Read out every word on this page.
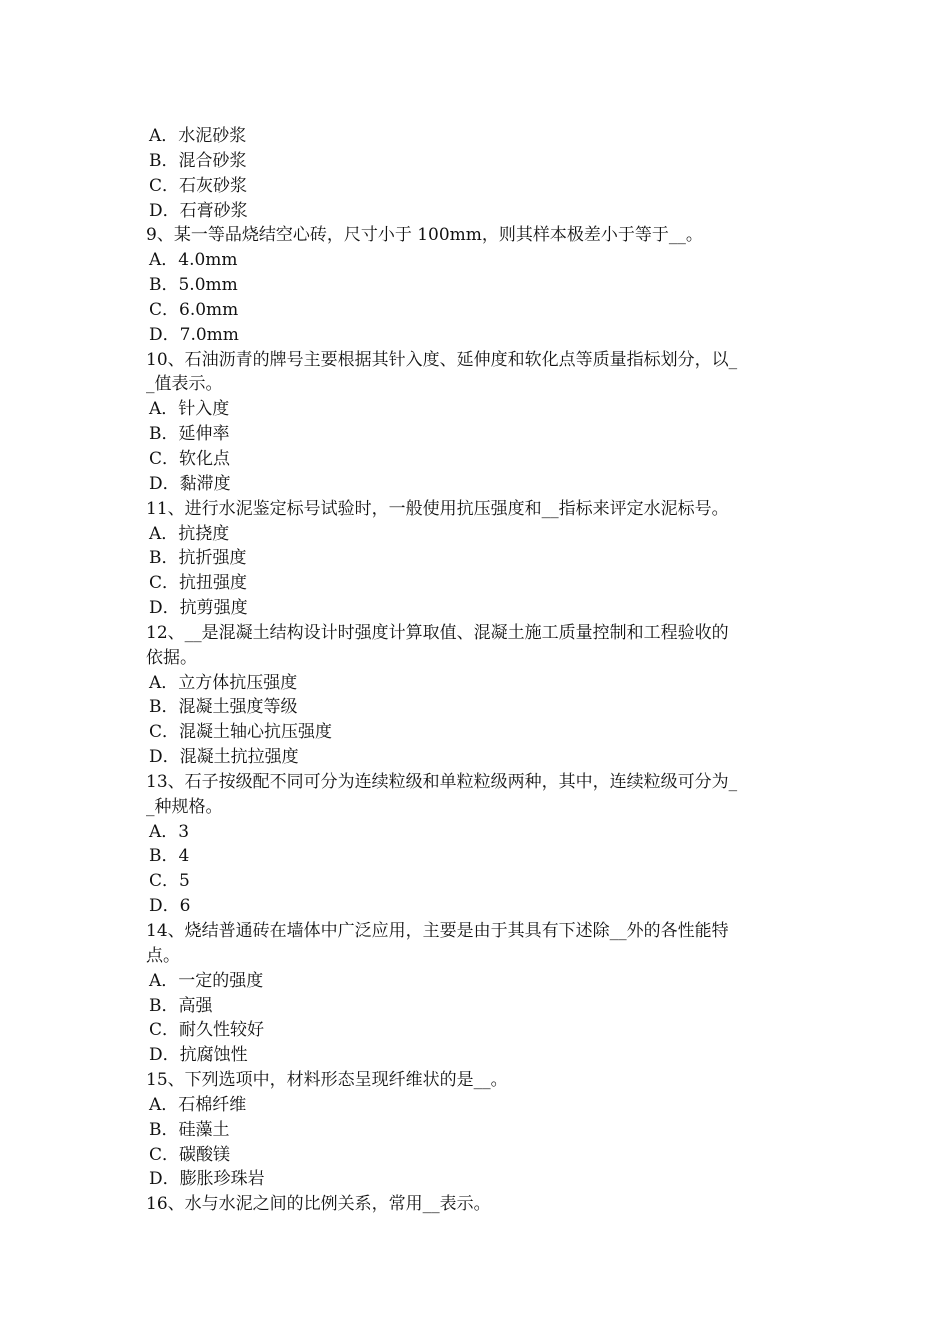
A．水泥砂浆
B．混合砂浆
C．石灰砂浆
D．石膏砂浆
9、某一等品烧结空心砖，尺寸小于 100mm，则其样本极差小于等于__。
A．4.0mm
B．5.0mm
C．6.0mm
D．7.0mm
10、石油沥青的牌号主要根据其针入度、延伸度和软化点等质量指标划分，以_
_值表示。
A．针入度
B．延伸率
C．软化点
D．黏滞度
11、进行水泥鉴定标号试验时，一般使用抗压强度和__指标来评定水泥标号。
A．抗挠度
B．抗折强度
C．抗扭强度
D．抗剪强度
12、__是混凝土结构设计时强度计算取值、混凝土施工质量控制和工程验收的
依据。
A．立方体抗压强度
B．混凝土强度等级
C．混凝土轴心抗压强度
D．混凝土抗拉强度
13、石子按级配不同可分为连续粒级和单粒粒级两种，其中，连续粒级可分为_
_种规格。
A．3
B．4
C．5
D．6
14、烧结普通砖在墙体中广泛应用，主要是由于其具有下述除__外的各性能特
点。
A．一定的强度
B．高强
C．耐久性较好
D．抗腐蚀性
15、下列选项中，材料形态呈现纤维状的是__。
A．石棉纤维
B．硅藻土
C．碳酸镁
D．膨胀珍珠岩
16、水与水泥之间的比例关系，常用__表示。
